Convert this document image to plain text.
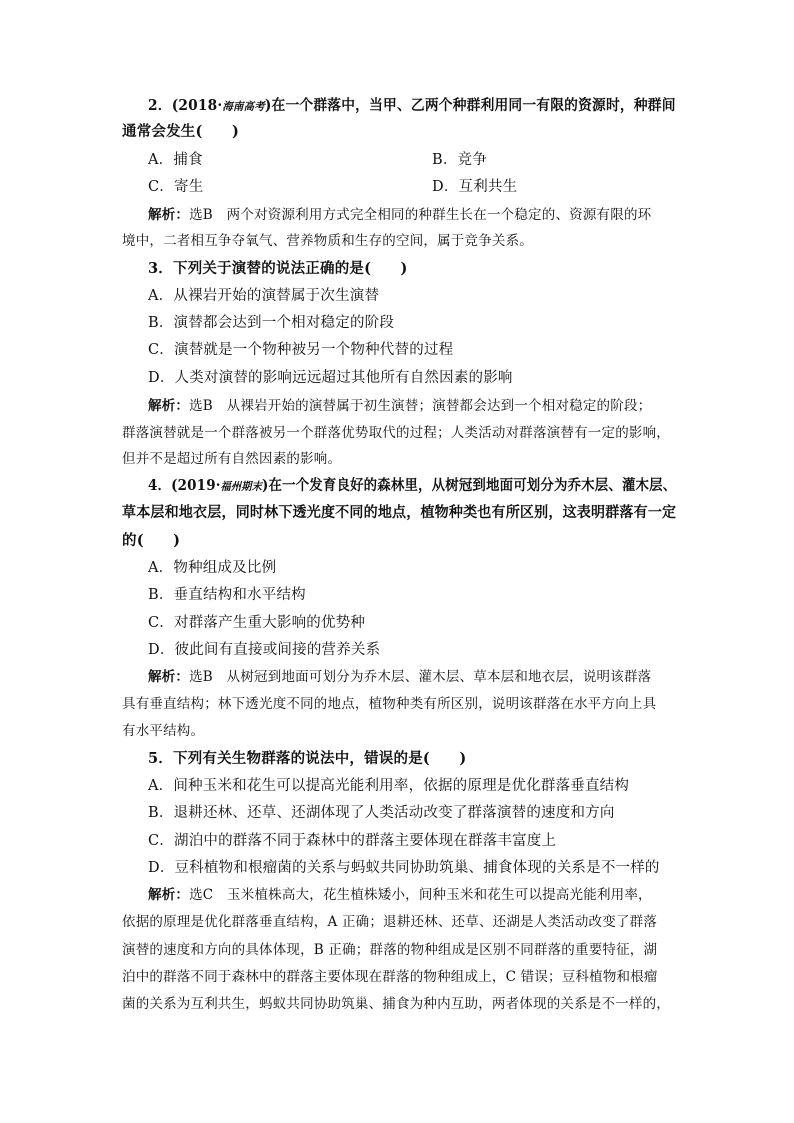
2．(2018·海南高考)在一个群落中，当甲、乙两个种群利用同一有限的资源时，种群间
通常会发生(　　)
A．捕食	B．竞争
C．寄生	D．互利共生
解析：选B　 两个对资源利用方式完全相同的种群生长在一个稳定的、资源有限的环
境中，二者相互争夺氧气、营养物质和生存的空间，属于竞争关系。
3．下列关于演替的说法正确的是(　　)
A．从裸岩开始的演替属于次生演替
B．演替都会达到一个相对稳定的阶段
C．演替就是一个物种被另一个物种代替的过程
D．人类对演替的影响远远超过其他所有自然因素的影响
解析：选B　 从裸岩开始的演替属于初生演替；演替都会达到一个相对稳定的阶段；
群落演替就是一个群落被另一个群落优势取代的过程；人类活动对群落演替有一定的影响，
但并不是超过所有自然因素的影响。
4．(2019·福州期末)在一个发育良好的森林里，从树冠到地面可划分为乔木层、灌木层、
草本层和地衣层，同时林下透光度不同的地点，植物种类也有所区别，这表明群落有一定
的(　　)
A．物种组成及比例
B．垂直结构和水平结构
C．对群落产生重大影响的优势种
D．彼此间有直接或间接的营养关系
解析：选B　 从树冠到地面可划分为乔木层、灌木层、草本层和地衣层，说明该群落
具有垂直结构；林下透光度不同的地点，植物种类有所区别，说明该群落在水平方向上具
有水平结构。
5．下列有关生物群落的说法中，错误的是(　　)
A．间种玉米和花生可以提高光能利用率，依据的原理是优化群落垂直结构
B．退耕还林、还草、还湖体现了人类活动改变了群落演替的速度和方向
C．湖泊中的群落不同于森林中的群落主要体现在群落丰富度上
D．豆科植物和根瘤菌的关系与蚂蚁共同协助筑巢、捕食体现的关系是不一样的
解析：选C　 玉米植株高大，花生植株矮小，间种玉米和花生可以提高光能利用率，
依据的原理是优化群落垂直结构，A 正确；退耕还林、还草、还湖是人类活动改变了群落
演替的速度和方向的具体体现，B 正确；群落的物种组成是区别不同群落的重要特征，湖
泊中的群落不同于森林中的群落主要体现在群落的物种组成上，C 错误；豆科植物和根瘤
菌的关系为互利共生，蚂蚁共同协助筑巢、捕食为种内互助，两者体现的关系是不一样的，
